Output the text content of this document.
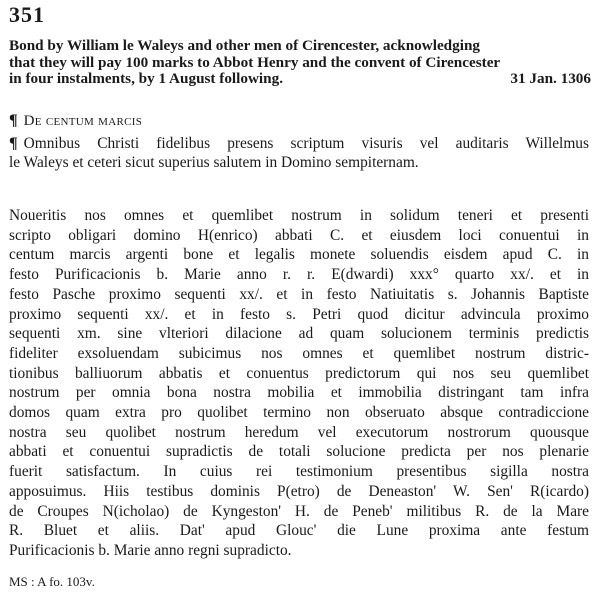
351
Bond by William le Waleys and other men of Cirencester, acknowledging
that they will pay 100 marks to Abbot Henry and the convent of Cirencester
in four instalments, by 1 August following.	31 Jan. 1306
¶ De centum marcis
¶ Omnibus Christi fidelibus presens scriptum visuris vel auditaris Willelmus
le Waleys et ceteri sicut superius salutem in Domino sempiternam.
Noueritis nos omnes et quemlibet nostrum in solidum teneri et presenti
scripto obligari domino H(enrico) abbati C. et eiusdem loci conuentui in
centum marcis argenti bone et legalis monete soluendis eisdem apud C. in
festo Purificacionis b. Marie anno r. r. E(dwardi) xxx° quarto xx/. et in
festo Pasche proximo sequenti xx/. et in festo Natiuitatis s. Johannis Baptiste
proximo sequenti xx/. et in festo s. Petri quod dicitur advincula proximo
sequenti xm. sine vlteriori dilacione ad quam solucionem terminis predictis
fideliter exsoluendam subicimus nos omnes et quemlibet nostrum distric-
tionibus balliuorum abbatis et conuentus predictorum qui nos seu quemlibet
nostrum per omnia bona nostra mobilia et immobilia distringant tam infra
domos quam extra pro quolibet termino non obseruato absque contradiccione
nostra seu quolibet nostrum heredum vel executorum nostrorum quousque
abbati et conuentui supradictis de totali solucione predicta per nos plenarie
fuerit satisfactum. In cuius rei testimonium presentibus sigilla nostra
apposuimus. Hiis testibus dominis P(etro) de Deneaston' W. Sen' R(icardo)
de Croupes N(icholao) de Kyngeston' H. de Peneb' militibus R. de la Mare
R. Bluet et aliis. Dat' apud Glouc' die Lune proxima ante festum
Purificacionis b. Marie anno regni supradicto.
MS : A fo. 103v.
